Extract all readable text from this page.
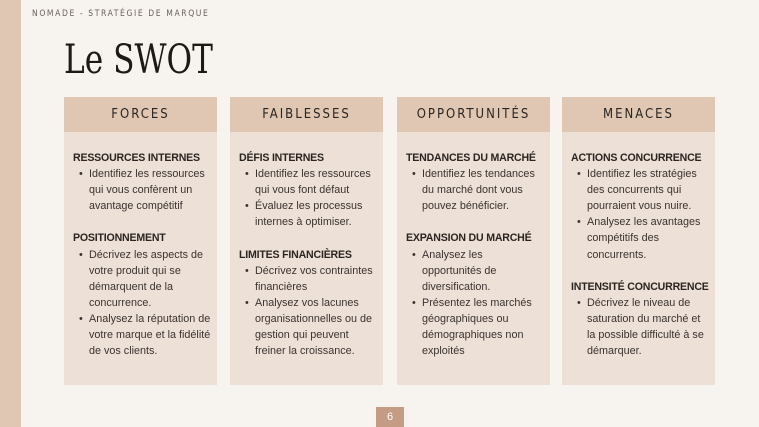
NOMADE - STRATÉGIE DE MARQUE
Le SWOT
FORCES
RESSOURCES INTERNES
• Identifiez les ressources qui vous confèrent un avantage compétitif
POSITIONNEMENT
• Décrivez les aspects de votre produit qui se démarquent de la concurrence.
• Analysez la réputation de votre marque et la fidélité de vos clients.
FAIBLESSES
DÉFIS INTERNES
• Identifiez les ressources qui vous font défaut
• Évaluez les processus internes à optimiser.
LIMITES FINANCIÈRES
• Décrivez vos contraintes financières
• Analysez vos lacunes organisationnelles ou de gestion qui peuvent freiner la croissance.
OPPORTUNITÉS
TENDANCES DU MARCHÉ
• Identifiez les tendances du marché dont vous pouvez bénéficier.
EXPANSION DU MARCHÉ
• Analysez les opportunités de diversification.
• Présentez les marchés géographiques ou démographiques non exploités
MENACES
ACTIONS CONCURRENCE
• Identifiez les stratégies des concurrents qui pourraient vous nuire.
• Analysez les avantages compétitifs des concurrents.
INTENSITÉ CONCURRENCE
• Décrivez le niveau de saturation du marché et la possible difficulté à se démarquer.
6
